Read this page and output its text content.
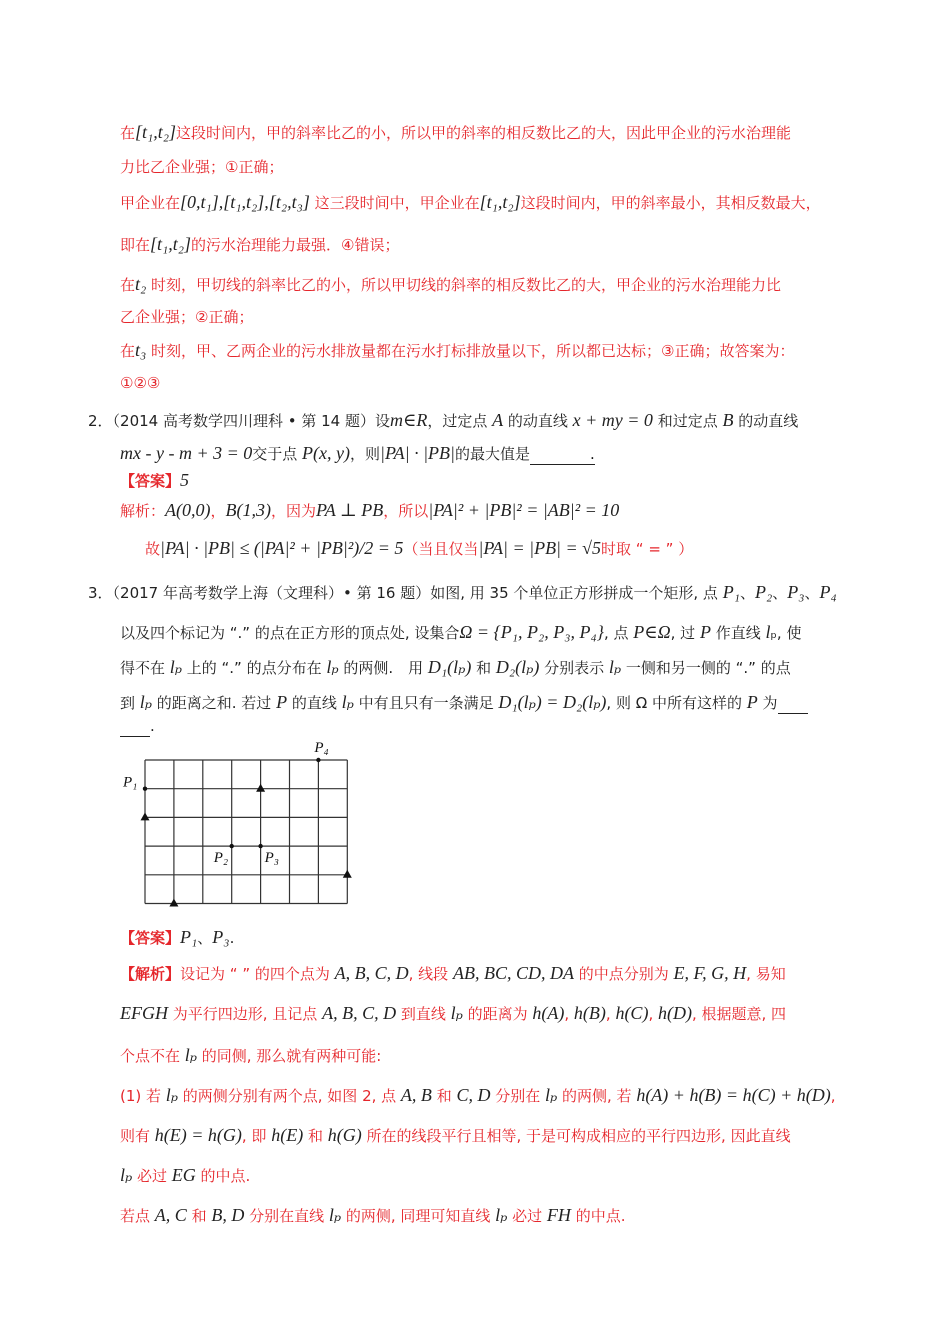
在[t₁,t₂]这段时间内，甲的斜率比乙的小，所以甲的斜率的相反数比乙的大，因此甲企业的污水治理能
力比乙企业强；①正确；
甲企业在[0,t₁],[t₁,t₂],[t₂,t₃] 这三段时间中，甲企业在[t₁,t₂]这段时间内，甲的斜率最小，其相反数最大，
即在[t₁,t₂]的污水治理能力最强．④错误；
在t₂ 时刻，甲切线的斜率比乙的小，所以甲切线的斜率的相反数比乙的大，甲企业的污水治理能力比
乙企业强；②正确；
在t₃ 时刻，甲、乙两企业的污水排放量都在污水打标排放量以下，所以都已达标；③正确；故答案为：
①②③
2．（2014 高考数学四川理科 • 第 14 题）设m∈R，过定点 A 的动直线 x + my = 0 和过定点 B 的动直线
mx - y - m + 3 = 0交于点 P(x, y)，则|PA| · |PB|的最大值是　　　　.
【答案】5
解析：A(0,0)，B(1,3)，因为PA ⊥ PB，所以|PA|² + |PB|² = |AB|² = 10
故|PA| · |PB| ≤ (|PA|² + |PB|²)/2 = 5（当且仅当|PA| = |PB| = √5时取 “ = ” ）
3．（2017 年高考数学上海（文理科）• 第 16 题）如图, 用 35 个单位正方形拼成一个矩形, 点 P₁、P₂、P₃、P₄
以及四个标记为 “.” 的点在正方形的顶点处, 设集合Ω = {P₁, P₂, P₃, P₄}, 点 P∈Ω, 过 P 作直线 lₚ, 使
得不在 lₚ 上的 “.” 的点分布在 lₚ 的两侧.　用 D₁(lₚ) 和 D₂(lₚ) 分别表示 lₚ 一侧和另一侧的 “.” 的点
到 lₚ 的距离之和. 若过 P 的直线 lₚ 中有且只有一条满足 D₁(lₚ) = D₂(lₚ), 则 Ω 中所有这样的 P 为　　
　　.
【答案】P₁、P₃.
【解析】设记为 “ ” 的四个点为 A, B, C, D, 线段 AB, BC, CD, DA 的中点分别为 E, F, G, H, 易知
EFGH 为平行四边形, 且记点 A, B, C, D 到直线 lₚ 的距离为 h(A), h(B), h(C), h(D), 根据题意, 四
个点不在 lₚ 的同侧, 那么就有两种可能:
(1) 若 lₚ 的两侧分别有两个点, 如图 2, 点 A, B 和 C, D 分别在 lₚ 的两侧, 若 h(A) + h(B) = h(C) + h(D),
则有 h(E) = h(G), 即 h(E) 和 h(G) 所在的线段平行且相等, 于是可构成相应的平行四边形, 因此直线
lₚ 必过 EG 的中点.
若点 A, C 和 B, D 分别在直线 lₚ 的两侧, 同理可知直线 lₚ 必过 FH 的中点.
P₁
P₂ P₃
P₄
